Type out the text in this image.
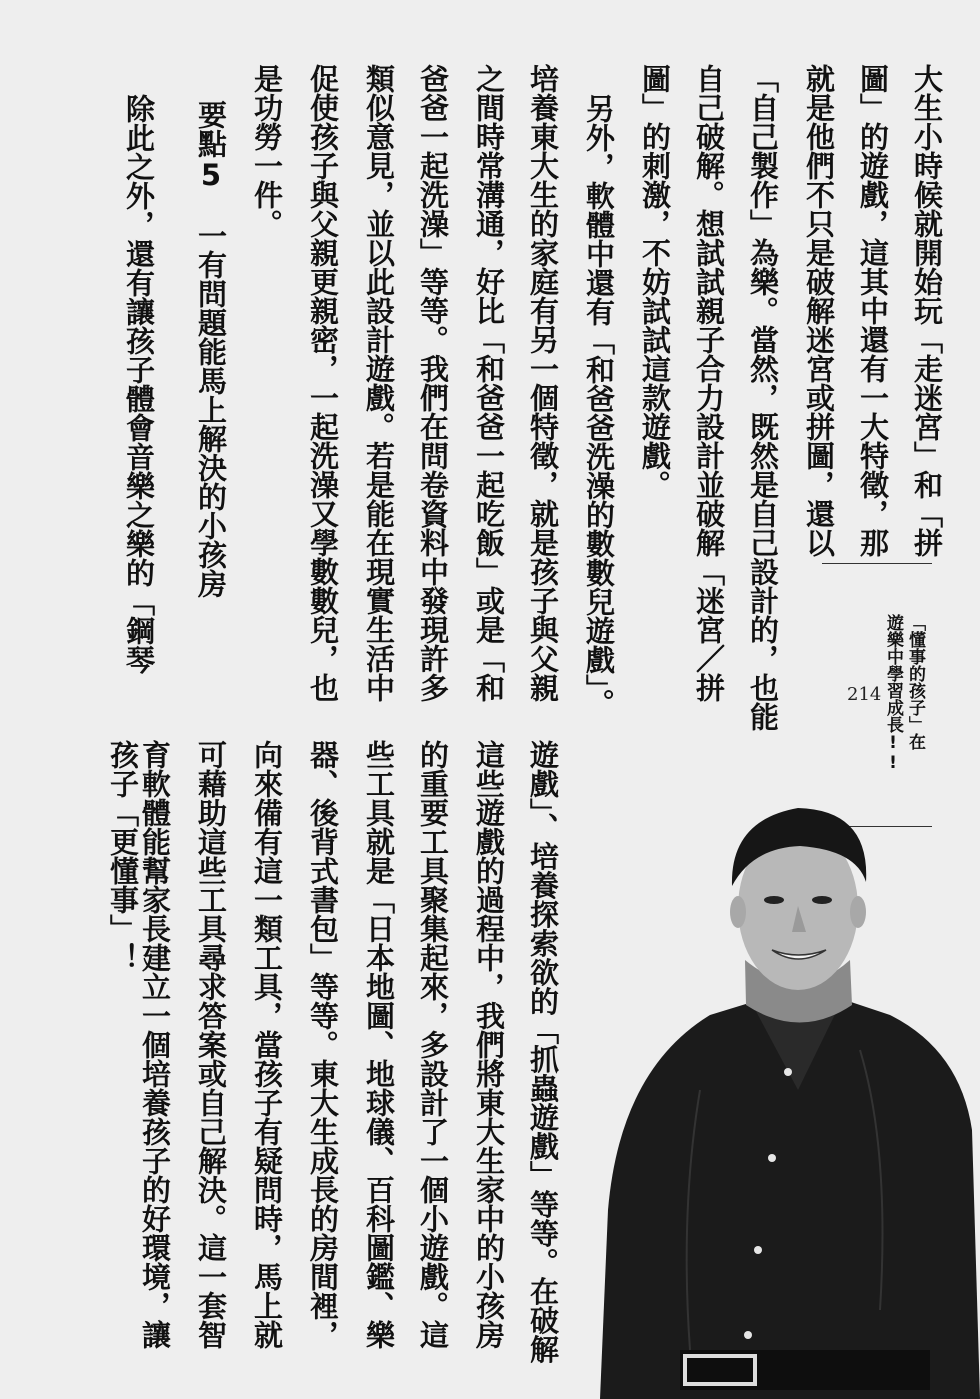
「懂事的孩子」在
遊樂中學習成長!!
214
大生小時候就開始玩「走迷宮」和「拼
圖」的遊戲，這其中還有一大特徵，那
就是他們不只是破解迷宮或拼圖，還以
「自己製作」為樂。當然，既然是自己設計的，也能
自己破解。想試試親子合力設計並破解「迷宮／拼
圖」的刺激，不妨試試這款遊戲。
另外，軟體中還有「和爸爸洗澡的數數兒遊戲」。
培養東大生的家庭有另一個特徵，就是孩子與父親
之間時常溝通，好比「和爸爸一起吃飯」或是「和
爸爸一起洗澡」等等。我們在問卷資料中發現許多
類似意見，並以此設計遊戲。若是能在現實生活中
促使孩子與父親更親密，一起洗澡又學數數兒，也
是功勞一件。
要點5　一有問題能馬上解決的小孩房
除此之外，還有讓孩子體會音樂之樂的「鋼琴
遊戲」、培養探索欲的「抓蟲遊戲」等等。在破解
這些遊戲的過程中，我們將東大生家中的小孩房
的重要工具聚集起來，多設計了一個小遊戲。這
些工具就是「日本地圖、地球儀、百科圖鑑、樂
器、後背式書包」等等。東大生成長的房間裡，
向來備有這一類工具，當孩子有疑問時，馬上就
可藉助這些工具尋求答案或自己解決。這一套智
育軟體能幫家長建立一個培養孩子的好環境，讓
孩子「更懂事」！
